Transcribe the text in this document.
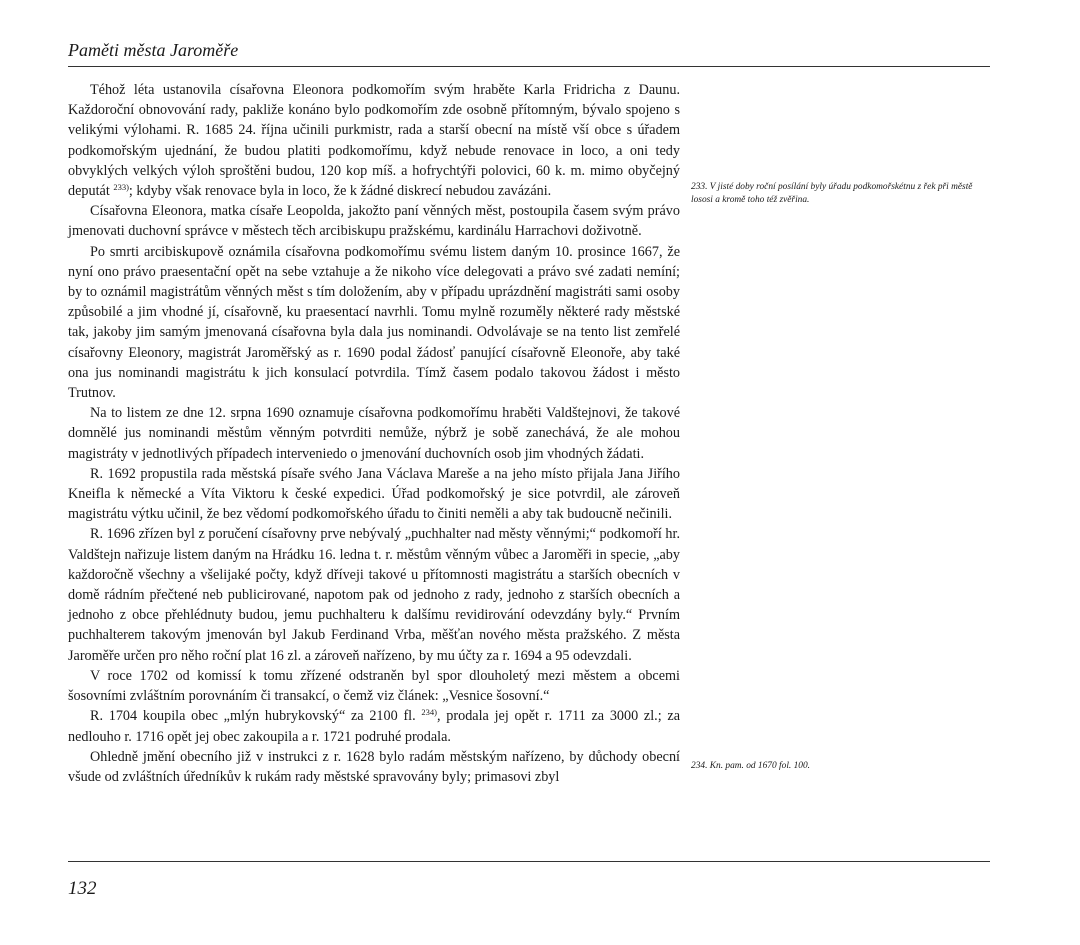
Paměti města Jaroměře

Téhož léta ustanovila císařovna Eleonora podkomořím svým hraběte Karla Fridricha z Daunu. Každoroční obnovování rady, pakliže konáno bylo podkomořím zde osobně přítomným, bývalo spojeno s velikými výlohami. R. 1685 24. října učinili purkmistr, rada a starší obecní na místě vší obce s úřadem podkomořským ujednání, že budou platiti podkomořímu, když nebude renovace in loco, a oni tedy obvyklých velkých výloh sproštěni budou, 120 kop míš. a hofrychtýři polovici, 60 k. m. mimo obyčejný deputát $^{233)}$; kdyby však renovace byla in loco, že k žádné diskrecí nebudou zavázáni.

Císařovna Eleonora, matka císaře Leopolda, jakožto paní věnných měst, postoupila časem svým právo jmenovati duchovní správce v městech těch arcibiskupu pražskému, kardinálu Harrachovi doživotně.

Po smrti arcibiskupově oznámila císařovna podkomořímu svému listem daným 10. prosince 1667, že nyní ono právo praesentační opět na sebe vztahuje a že nikoho více delegovati a právo své zadati nemíní; by to oznámil magistrátům věnných měst s tím doložením, aby v případu uprázdnění magistráti sami osoby způsobilé a jim vhodné jí, císařovně, ku praesentací navrhli. Tomu mylně rozuměly některé rady městské tak, jakoby jim samým jmenovaná císařovna byla dala jus nominandi. Odvolávaje se na tento list zemřelé císařovny Eleonory, magistrát Jaroměřský as r. 1690 podal žádosť panující císařovně Eleonoře, aby také ona jus nominandi magistrátu k jich konsulací potvrdila. Tímž časem podalo takovou žádost i město Trutnov.

Na to listem ze dne 12. srpna 1690 oznamuje císařovna podkomořímu hraběti Valdštejnovi, že takové domnělé jus nominandi městům věnným potvrditi nemůže, nýbrž je sobě zanechává, že ale mohou magistráty v jednotlivých případech interveniedo o jmenování duchovních osob jim vhodných žádati.

R. 1692 propustila rada městská písaře svého Jana Václava Mareše a na jeho místo přijala Jana Jiřího Kneifla k německé a Víta Viktoru k české expedici. Úřad podkomořský je sice potvrdil, ale zároveň magistrátu výtku učinil, že bez vědomí podkomořského úřadu to činiti neměli a aby tak budoucně nečinili.

R. 1696 zřízen byl z poručení císařovny prve nebývalý „puchhalter nad městy věnnými;“ podkomoří hr. Valdštejn nařizuje listem daným na Hrádku 16. ledna t. r. městům věnným vůbec a Jaroměři in specie, „aby každoročně všechny a všelijaké počty, když dříveji takové u přítomnosti magistrátu a starších obecních v domě rádním přečtené neb publicirované, napotom pak od jednoho z rady, jednoho z starších obecních a jednoho z obce přehlédnuty budou, jemu puchhalteru k dalšímu revidirování odevzdány byly.“ Prvním puchhalterem takovým jmenován byl Jakub Ferdinand Vrba, měšťan nového města pražského. Z města Jaroměře určen pro něho roční plat 16 zl. a zároveň nařízeno, by mu účty za r. 1694 a 95 odevzdali.

V roce 1702 od komissí k tomu zřízené odstraněn byl spor dlouholetý mezi městem a obcemi šosovními zvláštním porovnáním či transakcí, o čemž viz článek: „Vesnice šosovní.“

R. 1704 koupila obec „mlýn hubrykovský“ za 2100 fl. $^{234)}$, prodala jej opět r. 1711 za 3000 zl.; za nedlouho r. 1716 opět jej obec zakoupila a r. 1721 podruhé prodala.

Ohledně jmění obecního již v instrukci z r. 1628 bylo radám městským nařízeno, by důchody obecní všude od zvláštních úředníkův k rukám rady městské spravovány byly; primasovi zbyl

233. V jisté doby roční posílání byly úřadu podkomořskétnu z řek při městě lososi a kromě toho též zvěřina.
234. Kn. pam. od 1670 fol. 100.
132
